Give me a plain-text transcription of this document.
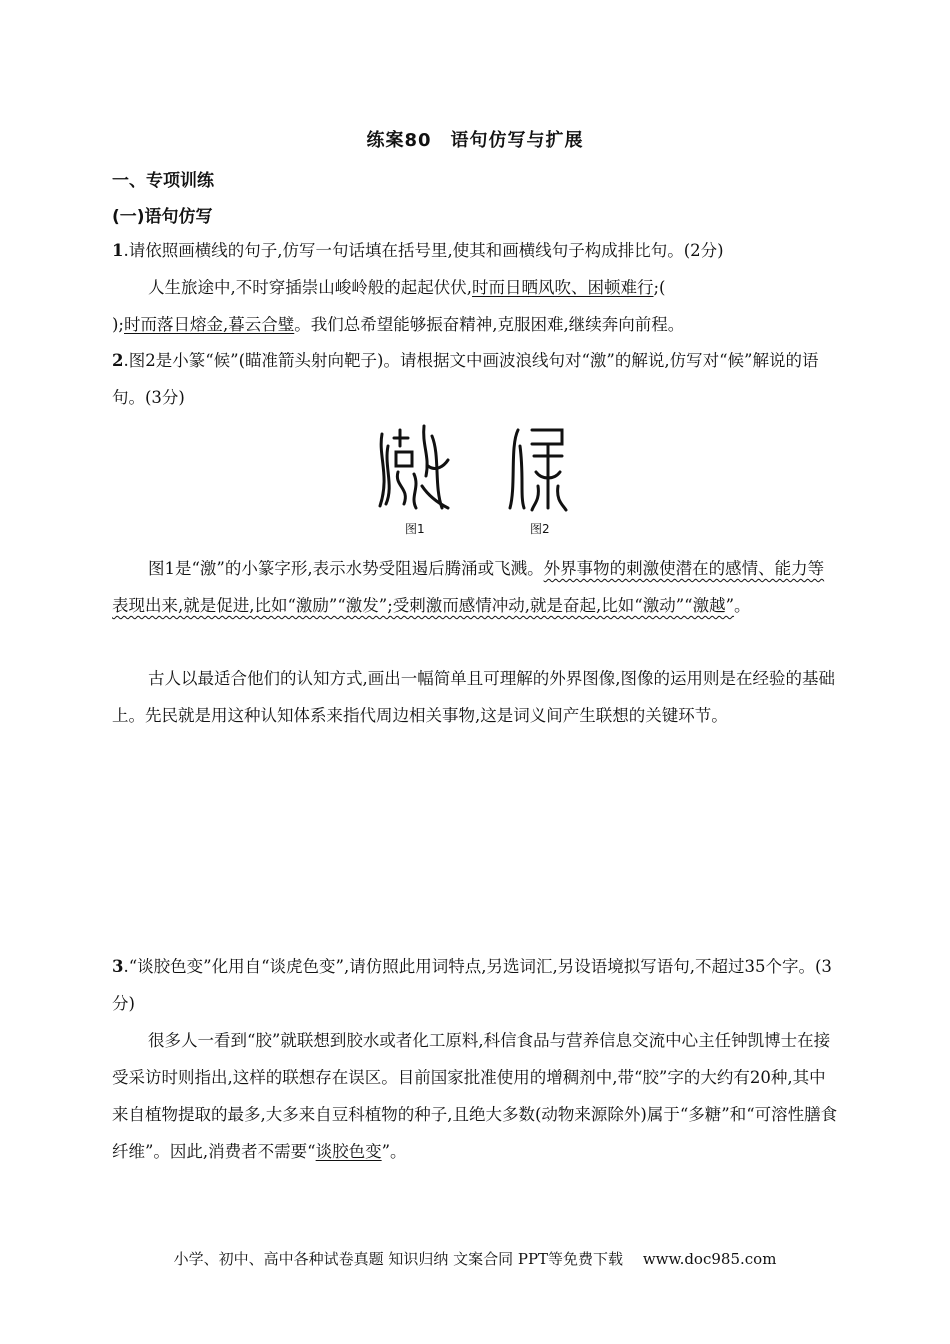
练案80　语句仿写与扩展
一、专项训练
(一)语句仿写
1.请依照画横线的句子,仿写一句话填在括号里,使其和画横线句子构成排比句。(2分)
人生旅途中,不时穿插崇山峻岭般的起起伏伏,时而日晒风吹、困顿难行;(
);时而落日熔金,暮云合璧。我们总希望能够振奋精神,克服困难,继续奔向前程。
2.图2是小篆“候”(瞄准箭头射向靶子)。请根据文中画波浪线句对“激”的解说,仿写对“候”解说的语句。(3分)
图1	图2
图1是“激”的小篆字形,表示水势受阻遏后腾涌或飞溅。外界事物的刺激使潜在的感情、能力等表现出来,就是促进,比如“激励”“激发”;受刺激而感情冲动,就是奋起,比如“激动”“激越”。
古人以最适合他们的认知方式,画出一幅简单且可理解的外界图像,图像的运用则是在经验的基础上。先民就是用这种认知体系来指代周边相关事物,这是词义间产生联想的关键环节。
3.“谈胶色变”化用自“谈虎色变”,请仿照此用词特点,另选词汇,另设语境拟写语句,不超过35个字。(3分)
很多人一看到“胶”就联想到胶水或者化工原料,科信食品与营养信息交流中心主任钟凯博士在接受采访时则指出,这样的联想存在误区。目前国家批准使用的增稠剂中,带“胶”字的大约有20种,其中来自植物提取的最多,大多来自豆科植物的种子,且绝大多数(动物来源除外)属于“多糖”和“可溶性膳食纤维”。因此,消费者不需要“谈胶色变”。
小学、初中、高中各种试卷真题 知识归纳 文案合同 PPT等免费下载　 www.doc985.com
